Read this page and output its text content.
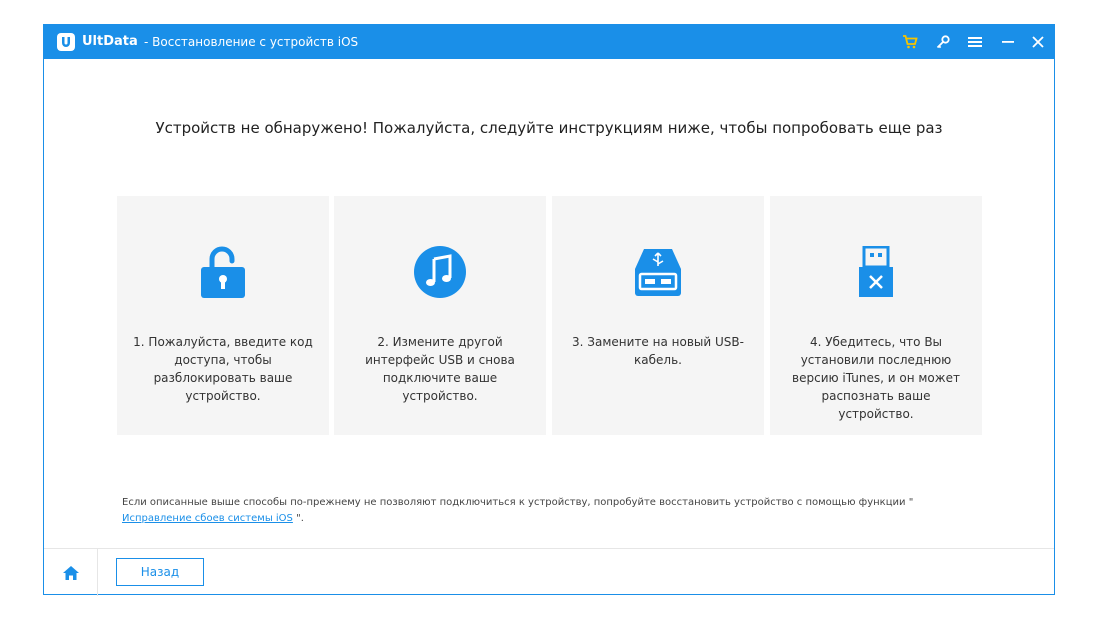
UltData - Восстановление с устройств iOS
Устройств не обнаружено! Пожалуйста, следуйте инструкциям ниже, чтобы попробовать еще раз
1. Пожалуйста, введите код доступа, чтобы разблокировать ваше устройство.
2. Измените другой интерфейс USB и снова подключите ваше устройство.
3. Замените на новый USB-кабель.
4. Убедитесь, что Вы установили последнюю версию iTunes, и он может распознать ваше устройство.
Если описанные выше способы по-прежнему не позволяют подключиться к устройству, попробуйте восстановить устройство с помощью функции "
Исправление сбоев системы iOS ".
Назад
